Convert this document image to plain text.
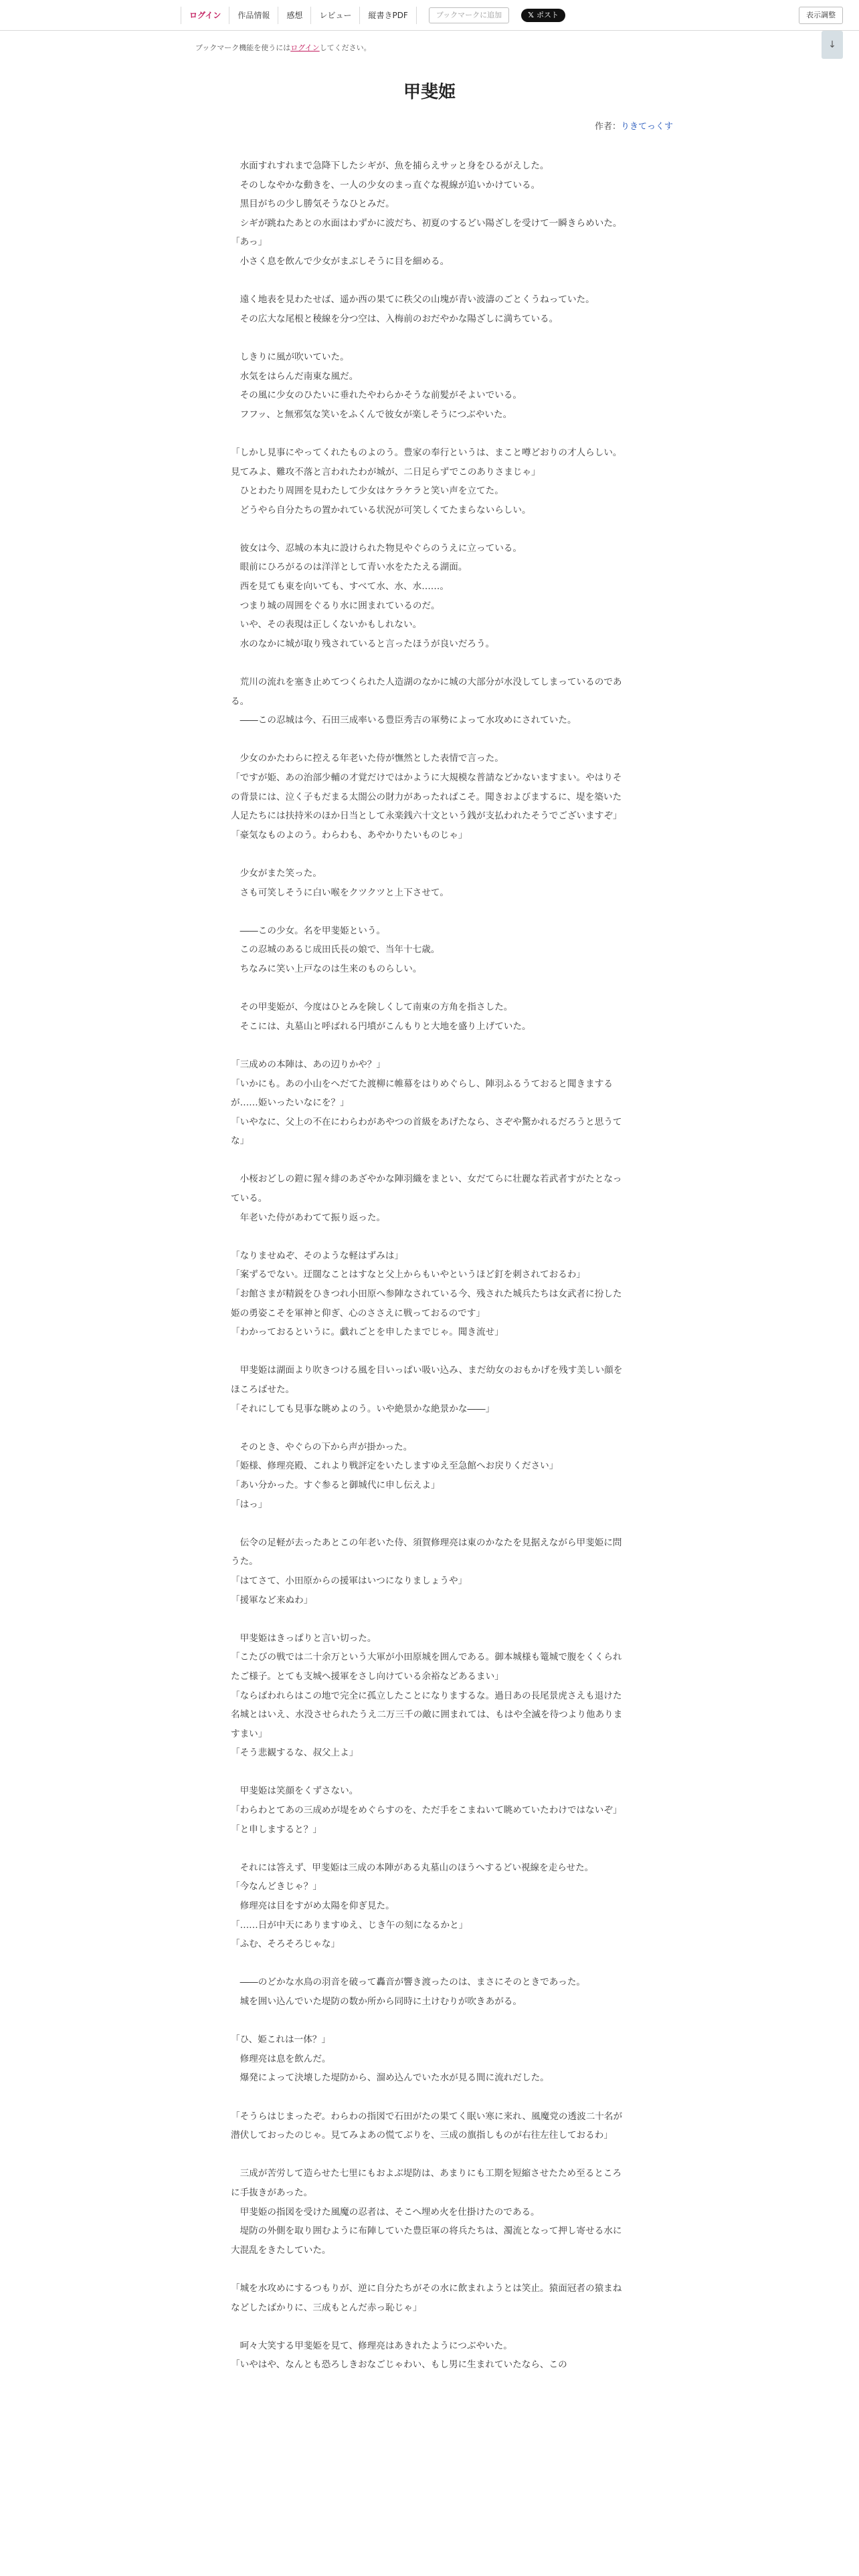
ログイン	作品情報	感想	レビュー	縦書きPDF	ブックマークに追加	𝕏 ポスト	表示調整
ブックマーク機能を使うにはログインしてください。	↓
甲斐姫
作者：りきてっくす

　水面すれすれまで急降下したシギが、魚を捕らえサッと身をひるがえした。

　そのしなやかな動きを、一人の少女のまっ直ぐな視線が追いかけている。

　黒目がちの少し勝気そうなひとみだ。

　シギが跳ねたあとの水面はわずかに波だち、初夏のするどい陽ざしを受けて一瞬きらめいた。

「あっ」

　小さく息を飲んで少女がまぶしそうに目を細める。

　遠く地表を見わたせば、遥か西の果てに秩父の山塊が青い波濤のごとくうねっていた。

　その広大な尾根と稜線を分つ空は、入梅前のおだやかな陽ざしに満ちている。

　しきりに風が吹いていた。

　水気をはらんだ南東な風だ。

　その風に少女のひたいに垂れたやわらかそうな前髪がそよいでいる。

　フフッ、と無邪気な笑いをふくんで彼女が楽しそうにつぶやいた。

「しかし見事にやってくれたものよのう。豊家の奉行というは、まこと噂どおりの才人らしい。見てみよ、難攻不落と言われたわが城が、二日足らずでこのありさまじゃ」

　ひとわたり周囲を見わたして少女はケラケラと笑い声を立てた。

　どうやら自分たちの置かれている状況が可笑しくてたまらないらしい。

　彼女は今、忍城の本丸に設けられた物見やぐらのうえに立っている。

　眼前にひろがるのは洋洋として青い水をたたえる湖面。

　西を見ても東を向いても、すべて水、水、水……。

　つまり城の周囲をぐるり水に囲まれているのだ。

　いや、その表現は正しくないかもしれない。

　水のなかに城が取り残されていると言ったほうが良いだろう。

　荒川の流れを塞き止めてつくられた人造湖のなかに城の大部分が水没してしまっているのである。

　――この忍城は今、石田三成率いる豊臣秀吉の軍勢によって水攻めにされていた。

　少女のかたわらに控える年老いた侍が憮然とした表情で言った。

「ですが姫、あの治部少輔の才覚だけではかように大規模な普請などかないますまい。やはりその背景には、泣く子もだまる太閤公の財力があったればこそ。聞きおよびまするに、堤を築いた人足たちには扶持米のほか日当として永楽銭六十文という銭が支払われたそうでございますぞ」

「豪気なものよのう。わらわも、あやかりたいものじゃ」

　少女がまた笑った。

　さも可笑しそうに白い喉をクツクツと上下させて。

　――この少女。名を甲斐姫という。

　この忍城のあるじ成田氏長の娘で、当年十七歳。

　ちなみに笑い上戸なのは生来のものらしい。

　その甲斐姫が、今度はひとみを険しくして南東の方角を指さした。

　そこには、丸墓山と呼ばれる円墳がこんもりと大地を盛り上げていた。

「三成めの本陣は、あの辺りかや？」

「いかにも。あの小山をへだてた渡柳に帷幕をはりめぐらし、陣羽ふるうておると聞きまするが……姫いったいなにを？」

「いやなに、父上の不在にわらわがあやつの首級をあげたなら、さぞや驚かれるだろうと思うてな」

　小桜おどしの鎧に猩々緋のあざやかな陣羽織をまとい、女だてらに壮麗な若武者すがたとなっている。

　年老いた侍があわてて振り返った。

「なりませぬぞ、そのような軽はずみは」

「案ずるでない。迂闊なことはすなと父上からもいやというほど釘を刺されておるわ」

「お館さまが精鋭をひきつれ小田原へ参陣なされている今、残された城兵たちは女武者に扮した姫の勇姿こそを軍神と仰ぎ、心のささえに戦っておるのです」

「わかっておるというに。戯れごとを申したまでじゃ。聞き流せ」

　甲斐姫は湖面より吹きつける風を目いっぱい吸い込み、まだ幼女のおもかげを残す美しい顔をほころばせた。

「それにしても見事な眺めよのう。いや絶景かな絶景かな――」

　そのとき、やぐらの下から声が掛かった。

「姫様、修理亮殿、これより戦評定をいたしますゆえ至急館へお戻りください」

「あい分かった。すぐ参ると御城代に申し伝えよ」

「はっ」

　伝令の足軽が去ったあとこの年老いた侍、須賀修理亮は東のかなたを見据えながら甲斐姫に問うた。

「はてさて、小田原からの援軍はいつになりましょうや」

「援軍など来ぬわ」

　甲斐姫はきっぱりと言い切った。

「こたびの戦では二十余万という大軍が小田原城を囲んである。御本城様も篭城で腹をくくられたご様子。とても支城へ援軍をさし向けている余裕などあるまい」

「ならばわれらはこの地で完全に孤立したことになりまするな。過日あの長尾景虎さえも退けた名城とはいえ、水没させられたうえ二万三千の敵に囲まれては、もはや全滅を待つより他ありますまい」

「そう悲観するな、叔父上よ」

　甲斐姫は笑顔をくずさない。

「わらわとてあの三成めが堤をめぐらすのを、ただ手をこまねいて眺めていたわけではないぞ」

「と申しますると？」

　それには答えず、甲斐姫は三成の本陣がある丸墓山のほうへするどい視線を走らせた。

「今なんどきじゃ？」

　修理亮は目をすがめ太陽を仰ぎ見た。

「……日が中天にありますゆえ、じき午の刻になるかと」

「ふむ、そろそろじゃな」

　――のどかな水鳥の羽音を破って轟音が響き渡ったのは、まさにそのときであった。

　城を囲い込んでいた堤防の数か所から同時に土けむりが吹きあがる。

「ひ、姫これは一体？」

　修理亮は息を飲んだ。

　爆発によって決壊した堤防から、溜め込んでいた水が見る間に流れだした。

「そうらはじまったぞ。わらわの指図で石田がたの果てく眠い寒に来れ、風魔党の透波二十名が潜伏しておったのじゃ。見てみよあの慌てぶりを、三成の旗指しものが右往左往しておるわ」

　三成が苦労して造らせた七里にもおよぶ堤防は、あまりにも工期を短縮させたため至るところに手抜きがあった。

　甲斐姫の指図を受けた風魔の忍者は、そこへ埋め火を仕掛けたのである。

　堤防の外側を取り囲むように布陣していた豊臣軍の将兵たちは、濁流となって押し寄せる水に大混乱をきたしていた。

「城を水攻めにするつもりが、逆に自分たちがその水に飲まれようとは笑止。猿面冠者の猿まねなどしたばかりに、三成もとんだ赤っ恥じゃ」

　呵々大笑する甲斐姫を見て、修理亮はあきれたようにつぶやいた。

「いやはや、なんとも恐ろしきおなごじゃわい、もし男に生まれていたなら、この
